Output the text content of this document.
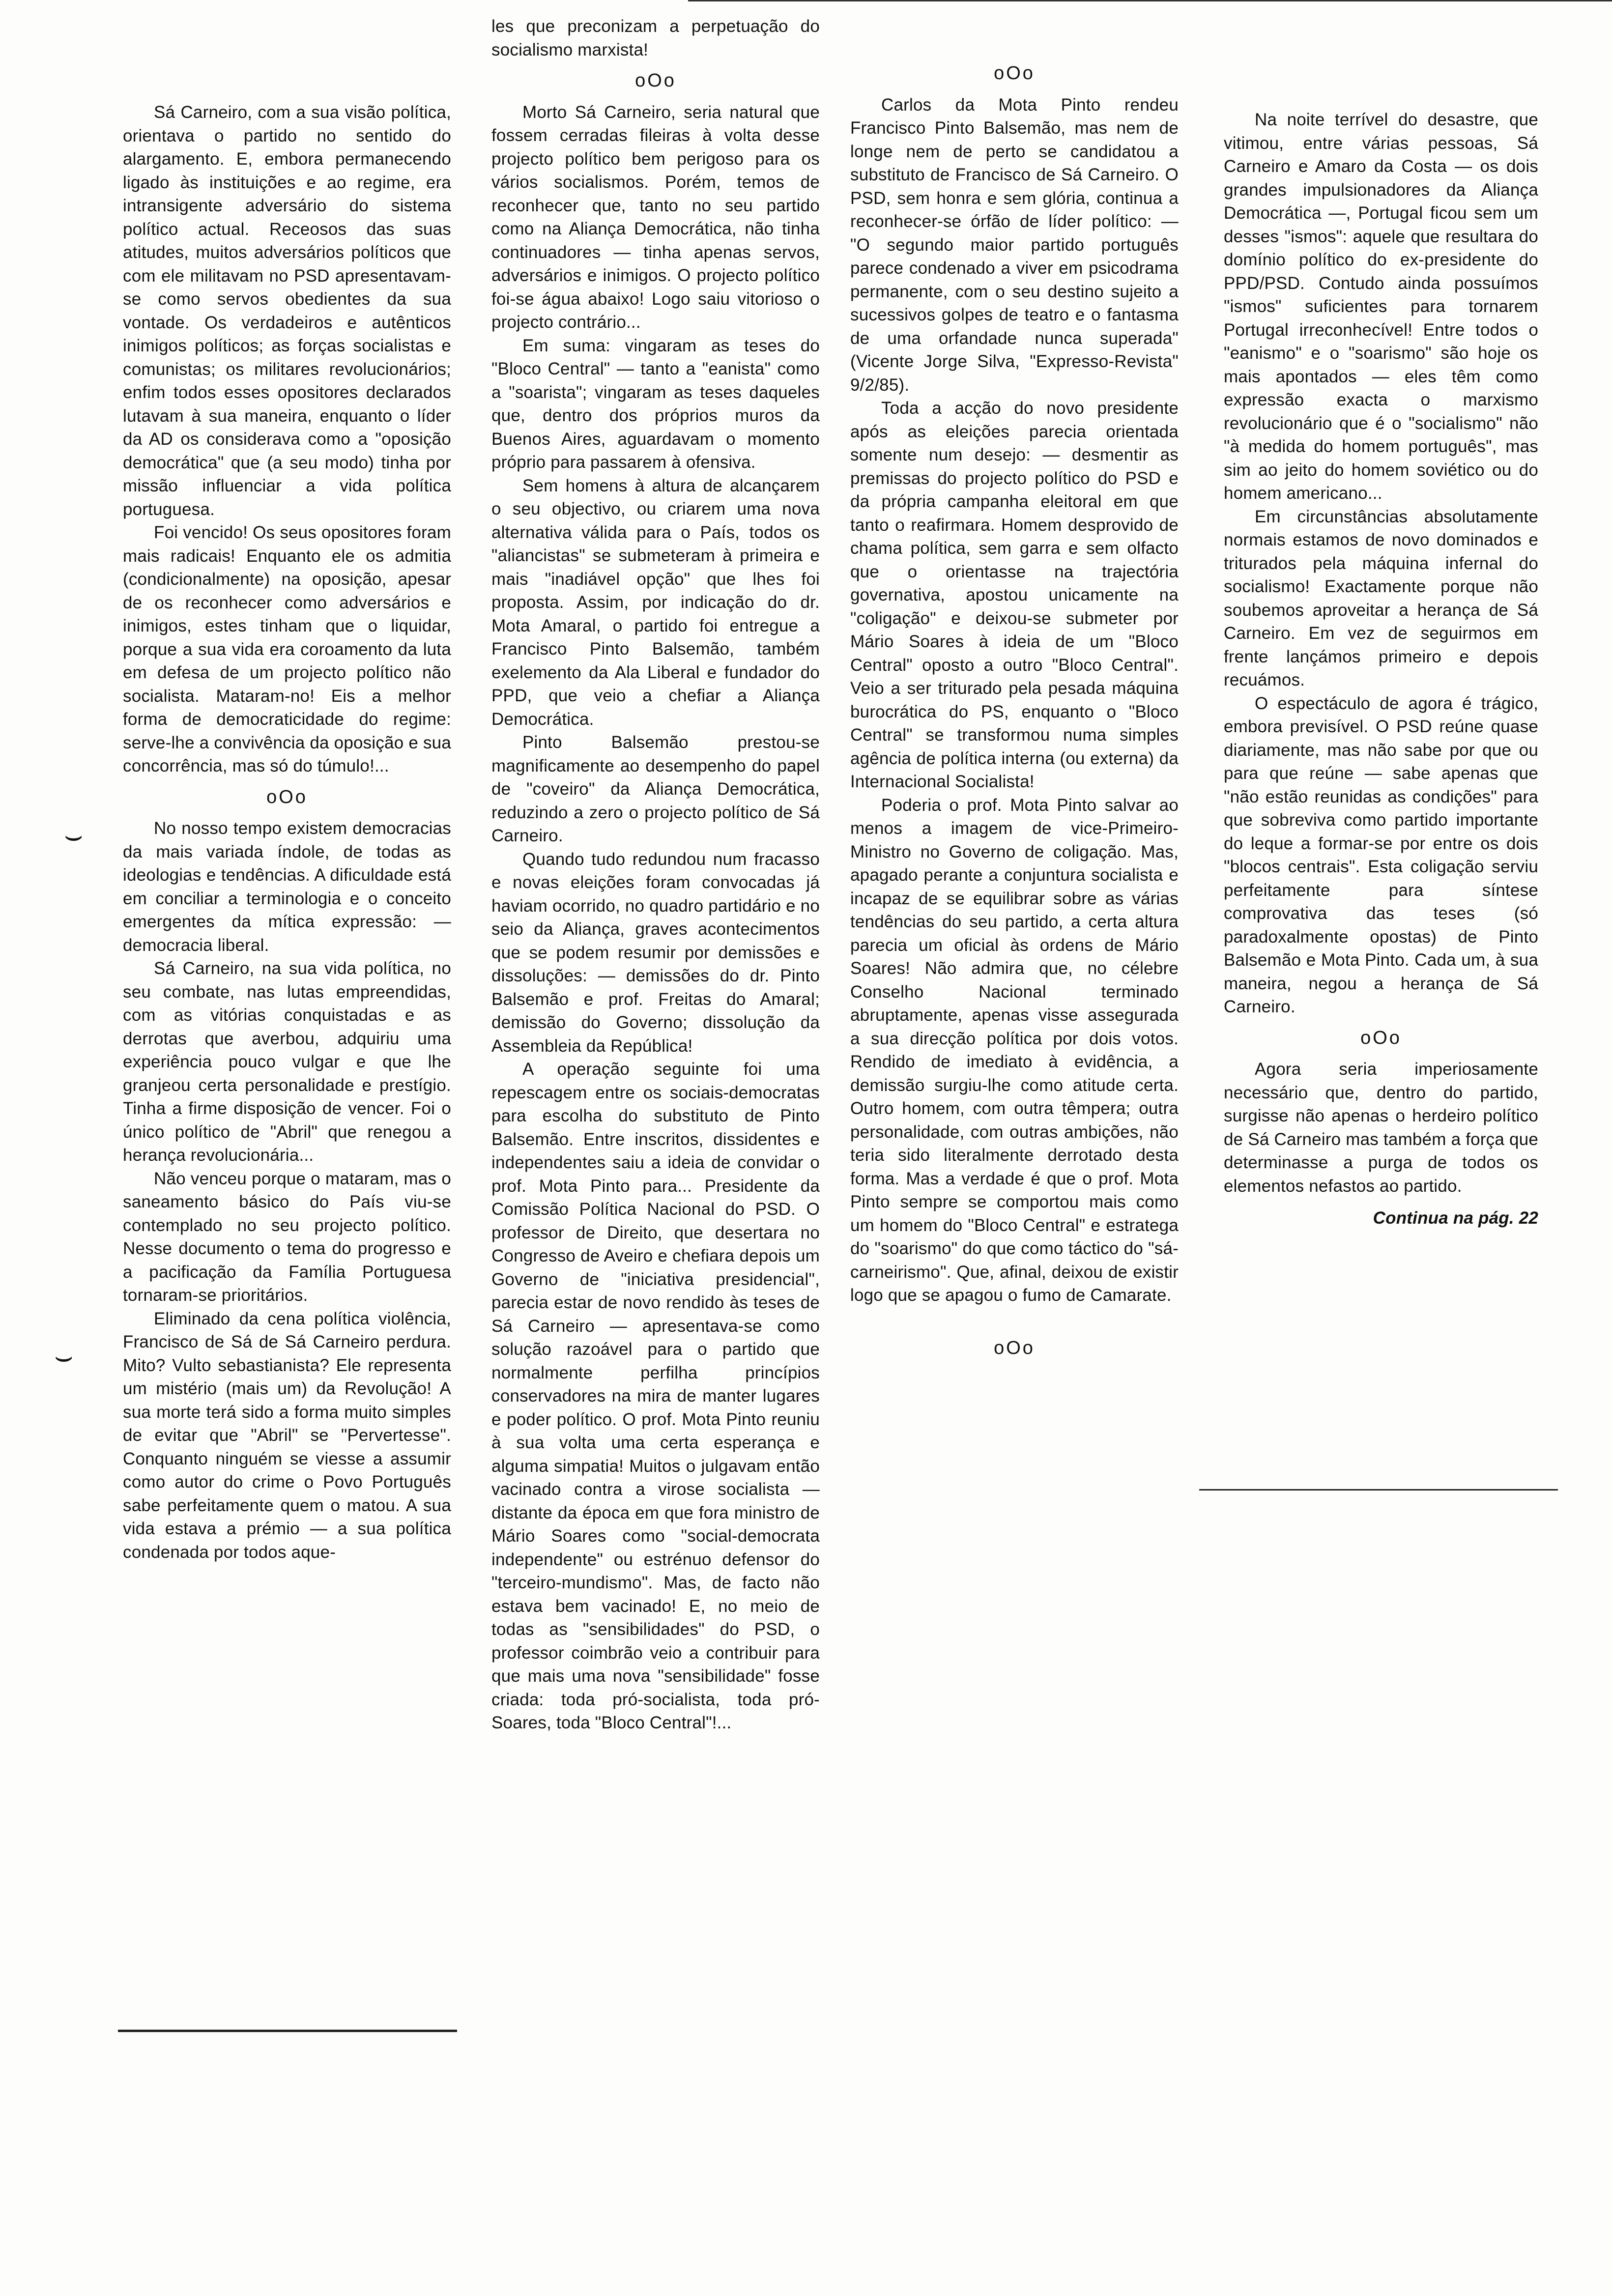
Sá Carneiro, com a sua visão política, orientava o partido no sentido do alargamento. E, embora permanecendo ligado às instituições e ao regime, era intransigente adversário do sistema político actual. Receosos das suas atitudes, muitos adversários políticos que com ele militavam no PSD apresentavam-se como servos obedientes da sua vontade. Os verdadeiros e autênticos inimigos políticos; as forças socialistas e comunistas; os militares revolucionários; enfim todos esses opositores declarados lutavam à sua maneira, enquanto o líder da AD os considerava como a "oposição democrática" que (a seu modo) tinha por missão influenciar a vida política portuguesa.

Foi vencido! Os seus opositores foram mais radicais! Enquanto ele os admitia (condicionalmente) na oposição, apesar de os reconhecer como adversários e inimigos, estes tinham que o liquidar, porque a sua vida era coroamento da luta em defesa de um projecto político não socialista. Mataram-no! Eis a melhor forma de democraticidade do regime: serve-lhe a convivência da oposição e sua concorrência, mas só do túmulo!...

oOo

No nosso tempo existem democracias da mais variada índole, de todas as ideologias e tendências. A dificuldade está em conciliar a terminologia e o conceito emergentes da mítica expressão: — democracia liberal.

Sá Carneiro, na sua vida política, no seu combate, nas lutas empreendidas, com as vitórias conquistadas e as derrotas que averbou, adquiriu uma experiência pouco vulgar e que lhe granjeou certa personalidade e prestígio. Tinha a firme disposição de vencer. Foi o único político de "Abril" que renegou a herança revolucionária...

Não venceu porque o mataram, mas o saneamento básico do País viu-se contemplado no seu projecto político. Nesse documento o tema do progresso e a pacificação da Família Portuguesa tornaram-se prioritários.

Eliminado da cena política violência, Francisco de Sá de Sá Carneiro perdura. Mito? Vulto sebastianista? Ele representa um mistério (mais um) da Revolução! A sua morte terá sido a forma muito simples de evitar que "Abril" se "Pervertesse". Conquanto ninguém se viesse a assumir como autor do crime o Povo Português sabe perfeitamente quem o matou. A sua vida estava a prémio — a sua política condenada por todos aque-

les que preconizam a perpetuação do socialismo marxista!

oOo

Morto Sá Carneiro, seria natural que fossem cerradas fileiras à volta desse projecto político bem perigoso para os vários socialismos. Porém, temos de reconhecer que, tanto no seu partido como na Aliança Democrática, não tinha continuadores — tinha apenas servos, adversários e inimigos. O projecto político foi-se água abaixo! Logo saiu vitorioso o projecto contrário...

Em suma: vingaram as teses do "Bloco Central" — tanto a "eanista" como a "soarista"; vingaram as teses daqueles que, dentro dos próprios muros da Buenos Aires, aguardavam o momento próprio para passarem à ofensiva.

Sem homens à altura de alcançarem o seu objectivo, ou criarem uma nova alternativa válida para o País, todos os "aliancistas" se submeteram à primeira e mais "inadiável opção" que lhes foi proposta. Assim, por indicação do dr. Mota Amaral, o partido foi entregue a Francisco Pinto Balsemão, também exelemento da Ala Liberal e fundador do PPD, que veio a chefiar a Aliança Democrática.

Pinto Balsemão prestou-se magnificamente ao desempenho do papel de "coveiro" da Aliança Democrática, reduzindo a zero o projecto político de Sá Carneiro.

Quando tudo redundou num fracasso e novas eleições foram convocadas já haviam ocorrido, no quadro partidário e no seio da Aliança, graves acontecimentos que se podem resumir por demissões e dissoluções: — demissões do dr. Pinto Balsemão e prof. Freitas do Amaral; demissão do Governo; dissolução da Assembleia da República!

A operação seguinte foi uma repescagem entre os sociais-democratas para escolha do substituto de Pinto Balsemão. Entre inscritos, dissidentes e independentes saiu a ideia de convidar o prof. Mota Pinto para... Presidente da Comissão Política Nacional do PSD. O professor de Direito, que desertara no Congresso de Aveiro e chefiara depois um Governo de "iniciativa presidencial", parecia estar de novo rendido às teses de Sá Carneiro — apresentava-se como solução razoável para o partido que normalmente perfilha princípios conservadores na mira de manter lugares e poder político. O prof. Mota Pinto reuniu à sua volta uma certa esperança e alguma simpatia! Muitos o julgavam então vacinado contra a virose socialista — distante da época em que fora ministro de Mário Soares como "social-democrata independente" ou estrénuo defensor do "terceiro-mundismo". Mas, de facto não estava bem vacinado! E, no meio de todas as "sensibilidades" do PSD, o professor coimbrão veio a contribuir para que mais uma nova "sensibilidade" fosse criada: toda pró-socialista, toda pró-Soares, toda "Bloco Central"!...

oOo

Carlos da Mota Pinto rendeu Francisco Pinto Balsemão, mas nem de longe nem de perto se candidatou a substituto de Francisco de Sá Carneiro. O PSD, sem honra e sem glória, continua a reconhecer-se órfão de líder político: — "O segundo maior partido português parece condenado a viver em psicodrama permanente, com o seu destino sujeito a sucessivos golpes de teatro e o fantasma de uma orfandade nunca superada" (Vicente Jorge Silva, "Expresso-Revista" 9/2/85).

Toda a acção do novo presidente após as eleições parecia orientada somente num desejo: — desmentir as premissas do projecto político do PSD e da própria campanha eleitoral em que tanto o reafirmara. Homem desprovido de chama política, sem garra e sem olfacto que o orientasse na trajectória governativa, apostou unicamente na "coligação" e deixou-se submeter por Mário Soares à ideia de um "Bloco Central" oposto a outro "Bloco Central". Veio a ser triturado pela pesada máquina burocrática do PS, enquanto o "Bloco Central" se transformou numa simples agência de política interna (ou externa) da Internacional Socialista!

Poderia o prof. Mota Pinto salvar ao menos a imagem de vice-Primeiro-Ministro no Governo de coligação. Mas, apagado perante a conjuntura socialista e incapaz de se equilibrar sobre as várias tendências do seu partido, a certa altura parecia um oficial às ordens de Mário Soares! Não admira que, no célebre Conselho Nacional terminado abruptamente, apenas visse assegurada a sua direcção política por dois votos. Rendido de imediato à evidência, a demissão surgiu-lhe como atitude certa. Outro homem, com outra têmpera; outra personalidade, com outras ambições, não teria sido literalmente derrotado desta forma. Mas a verdade é que o prof. Mota Pinto sempre se comportou mais como um homem do "Bloco Central" e estratega do "soarismo" do que como táctico do "sá-carneirismo". Que, afinal, deixou de existir logo que se apagou o fumo de Camarate.

oOo

Na noite terrível do desastre, que vitimou, entre várias pessoas, Sá Carneiro e Amaro da Costa — os dois grandes impulsionadores da Aliança Democrática —, Portugal ficou sem um desses "ismos": aquele que resultara do domínio político do ex-presidente do PPD/PSD. Contudo ainda possuímos "ismos" suficientes para tornarem Portugal irreconhecível! Entre todos o "eanismo" e o "soarismo" são hoje os mais apontados — eles têm como expressão exacta o marxismo revolucionário que é o "socialismo" não "à medida do homem português", mas sim ao jeito do homem soviético ou do homem americano...

Em circunstâncias absolutamente normais estamos de novo dominados e triturados pela máquina infernal do socialismo! Exactamente porque não soubemos aproveitar a herança de Sá Carneiro. Em vez de seguirmos em frente lançámos primeiro e depois recuámos.

O espectáculo de agora é trágico, embora previsível. O PSD reúne quase diariamente, mas não sabe por que ou para que reúne — sabe apenas que "não estão reunidas as condições" para que sobreviva como partido importante do leque a formar-se por entre os dois "blocos centrais". Esta coligação serviu perfeitamente para síntese comprovativa das teses (só paradoxalmente opostas) de Pinto Balsemão e Mota Pinto. Cada um, à sua maneira, negou a herança de Sá Carneiro.

oOo

Agora seria imperiosamente necessário que, dentro do partido, surgisse não apenas o herdeiro político de Sá Carneiro mas também a força que determinasse a purga de todos os elementos nefastos ao partido.

Continua na pág. 22
⌣
⌣
